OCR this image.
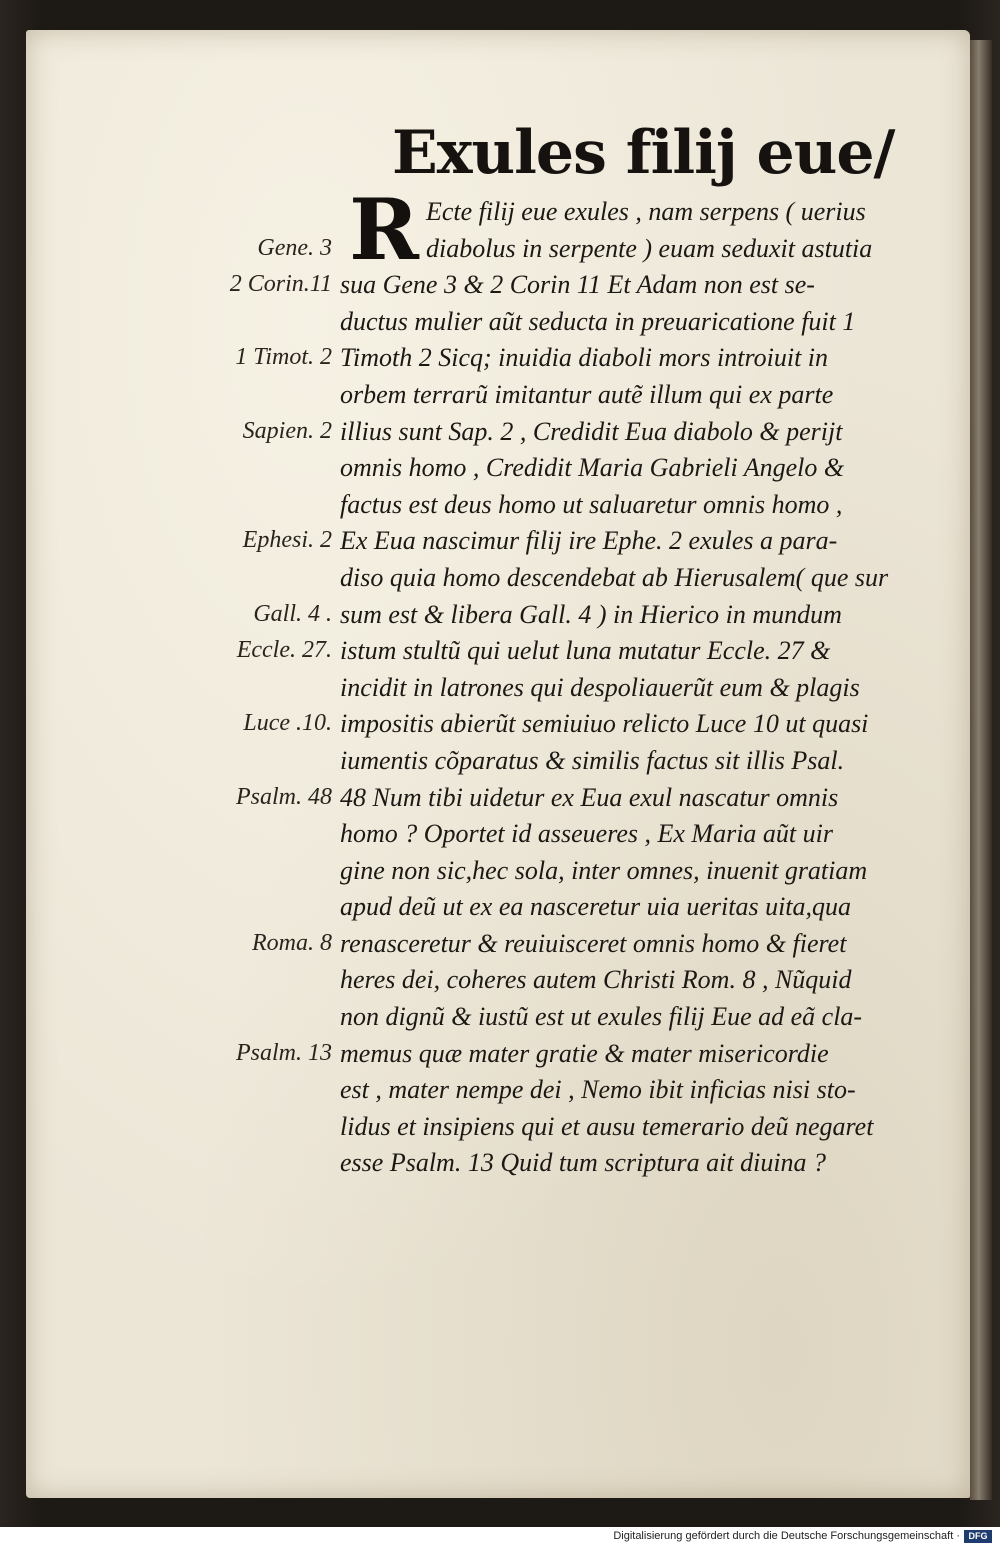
Exules filij eue/
R Ecte filij eue exules , nam serpens ( uerius
diabolus in serpente ) euam seduxit astutia
sua Gene 3 & 2 Corin 11 Et Adam non est se-
ductus mulier aũt seducta in preuaricatione fuit 1
Timoth 2 Sicq; inuidia diaboli mors introiuit in
orbem terrarũ imitantur autẽ illum qui ex parte
illius sunt Sap. 2 , Credidit Eua diabolo & perijt
omnis homo , Credidit Maria Gabrieli Angelo &
factus est deus homo ut saluaretur omnis homo ,
Ex Eua nascimur filij ire Ephe. 2 exules a para-
diso quia homo descendebat ab Hierusalem( que sur
sum est & libera Gall. 4 ) in Hierico in mundum
istum stultũ qui uelut luna mutatur Eccle. 27 &
incidit in latrones qui despoliauerũt eum & plagis
impositis abierũt semiuiuo relicto Luce 10 ut quasi
iumentis cõparatus & similis factus sit illis Psal.
48 Num tibi uidetur ex Eua exul nascatur omnis
homo ? Oportet id asseueres , Ex Maria aũt uir
gine non sic,hec sola, inter omnes, inuenit gratiam
apud deũ ut ex ea nasceretur uia ueritas uita,qua
renasceretur & reuiuisceret omnis homo & fieret
heres dei, coheres autem Christi Rom. 8 , Nũquid
non dignũ & iustũ est ut exules filij Eue ad eã cla-
memus quæ mater gratie & mater misericordie
est , mater nempe dei , Nemo ibit inficias nisi sto-
lidus et insipiens qui et ausu temerario deũ negaret
esse Psalm. 13 Quid tum scriptura ait diuina ?
Gene. 3
2 Corin.11
1 Timot. 2
Sapien. 2
Ephesi. 2
Gall. 4 .
Eccle. 27.
Luce .10.
Psalm. 48
Roma. 8
Psalm. 13
Digitalisierung gefördert durch die Deutsche Forschungsgemeinschaft · DFG
